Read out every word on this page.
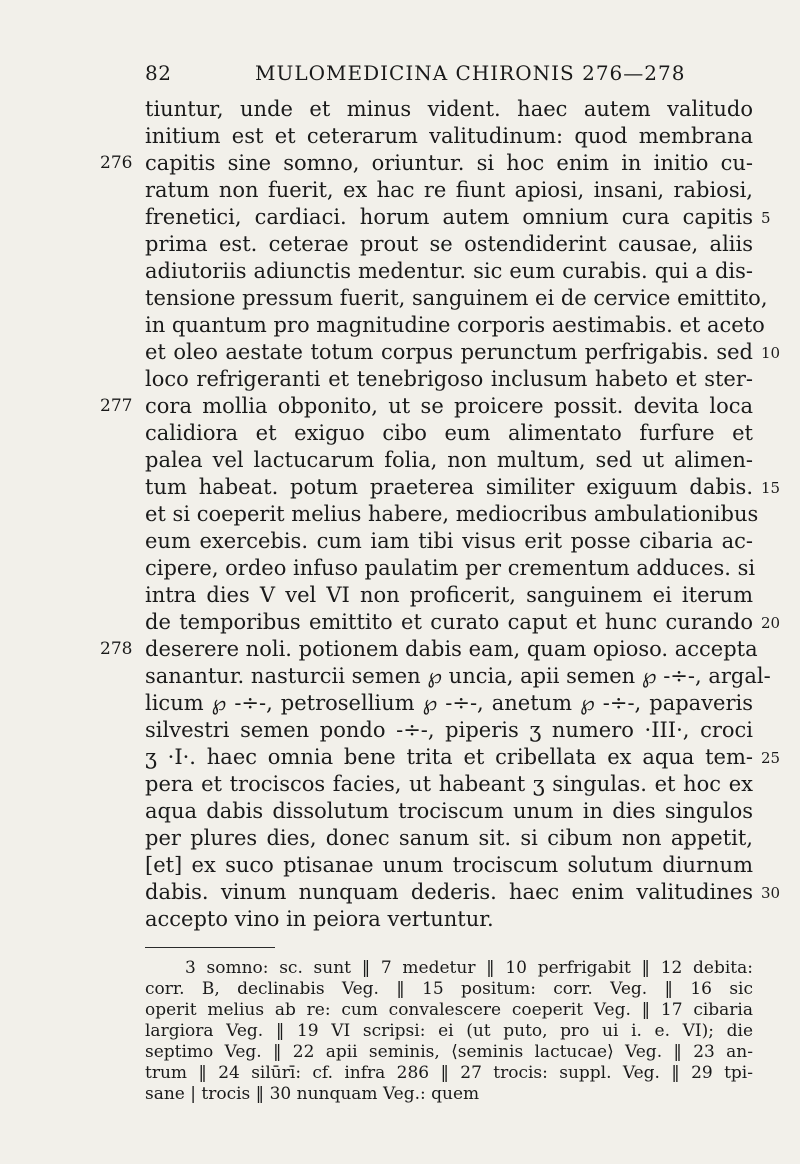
82	MULOMEDICINA CHIRONIS 276—278
tiuntur, unde et minus vident. haec autem valitudo
initium est et ceterarum valitudinum: quod membrana
276 capitis sine somno, oriuntur. si hoc enim in initio cu-
ratum non fuerit, ex hac re fiunt apiosi, insani, rabiosi,
frenetici, cardiaci. horum autem omnium cura capitis 5
prima est. ceterae prout se ostendiderint causae, aliis
adiutoriis adiunctis medentur. sic eum curabis. qui a dis-
tensione pressum fuerit, sanguinem ei de cervice emittito,
in quantum pro magnitudine corporis aestimabis. et aceto
et oleo aestate totum corpus perunctum perfrigabis. sed 10
loco refrigeranti et tenebrigoso inclusum habeto et ster-
277 cora mollia obponito, ut se proicere possit. devita loca
calidiora et exiguo cibo eum alimentato furfure et
palea vel lactucarum folia, non multum, sed ut alimen-
tum habeat. potum praeterea similiter exiguum dabis. 15
et si coeperit melius habere, mediocribus ambulationibus
eum exercebis. cum iam tibi visus erit posse cibaria ac-
cipere, ordeo infuso paulatim per crementum adduces. si
intra dies V vel VI non proficerit, sanguinem ei iterum
de temporibus emittito et curato caput et hunc curando 20
278 deserere noli. potionem dabis eam, quam opioso. accepta
sanantur. nasturcii semen ℘ uncia, apii semen ℘ -÷-, argal-
licum ℘ -÷-, petrosellium ℘ -÷-, anetum ℘ -÷-, papaveris
silvestri semen pondo -÷-, piperis ʒ numero ·III·, croci
ʒ ·I·. haec omnia bene trita et cribellata ex aqua tem- 25
pera et trociscos facies, ut habeant ʒ singulas. et hoc ex
aqua dabis dissolutum trociscum unum in dies singulos
per plures dies, donec sanum sit. si cibum non appetit,
[et] ex suco ptisanae unum trociscum solutum diurnum
dabis. vinum nunquam dederis. haec enim valitudines 30
accepto vino in peiora vertuntur.
3 somno: sc. sunt ‖ 7 medetur ‖ 10 perfrigabit ‖ 12 debita:
corr. B, declinabis Veg. ‖ 15 positum: corr. Veg. ‖ 16 sic
operit melius ab re: cum convalescere coeperit Veg. ‖ 17 cibaria
largiora Veg. ‖ 19 VI scripsi: ei (ut puto, pro ui i. e. VI); die
septimo Veg. ‖ 22 apii seminis, ⟨seminis lactucae⟩ Veg. ‖ 23 an-
trum ‖ 24 silūrī: cf. infra 286 ‖ 27 trocis: suppl. Veg. ‖ 29 tpi-
sane | trocis ‖ 30 nunquam Veg.: quem
